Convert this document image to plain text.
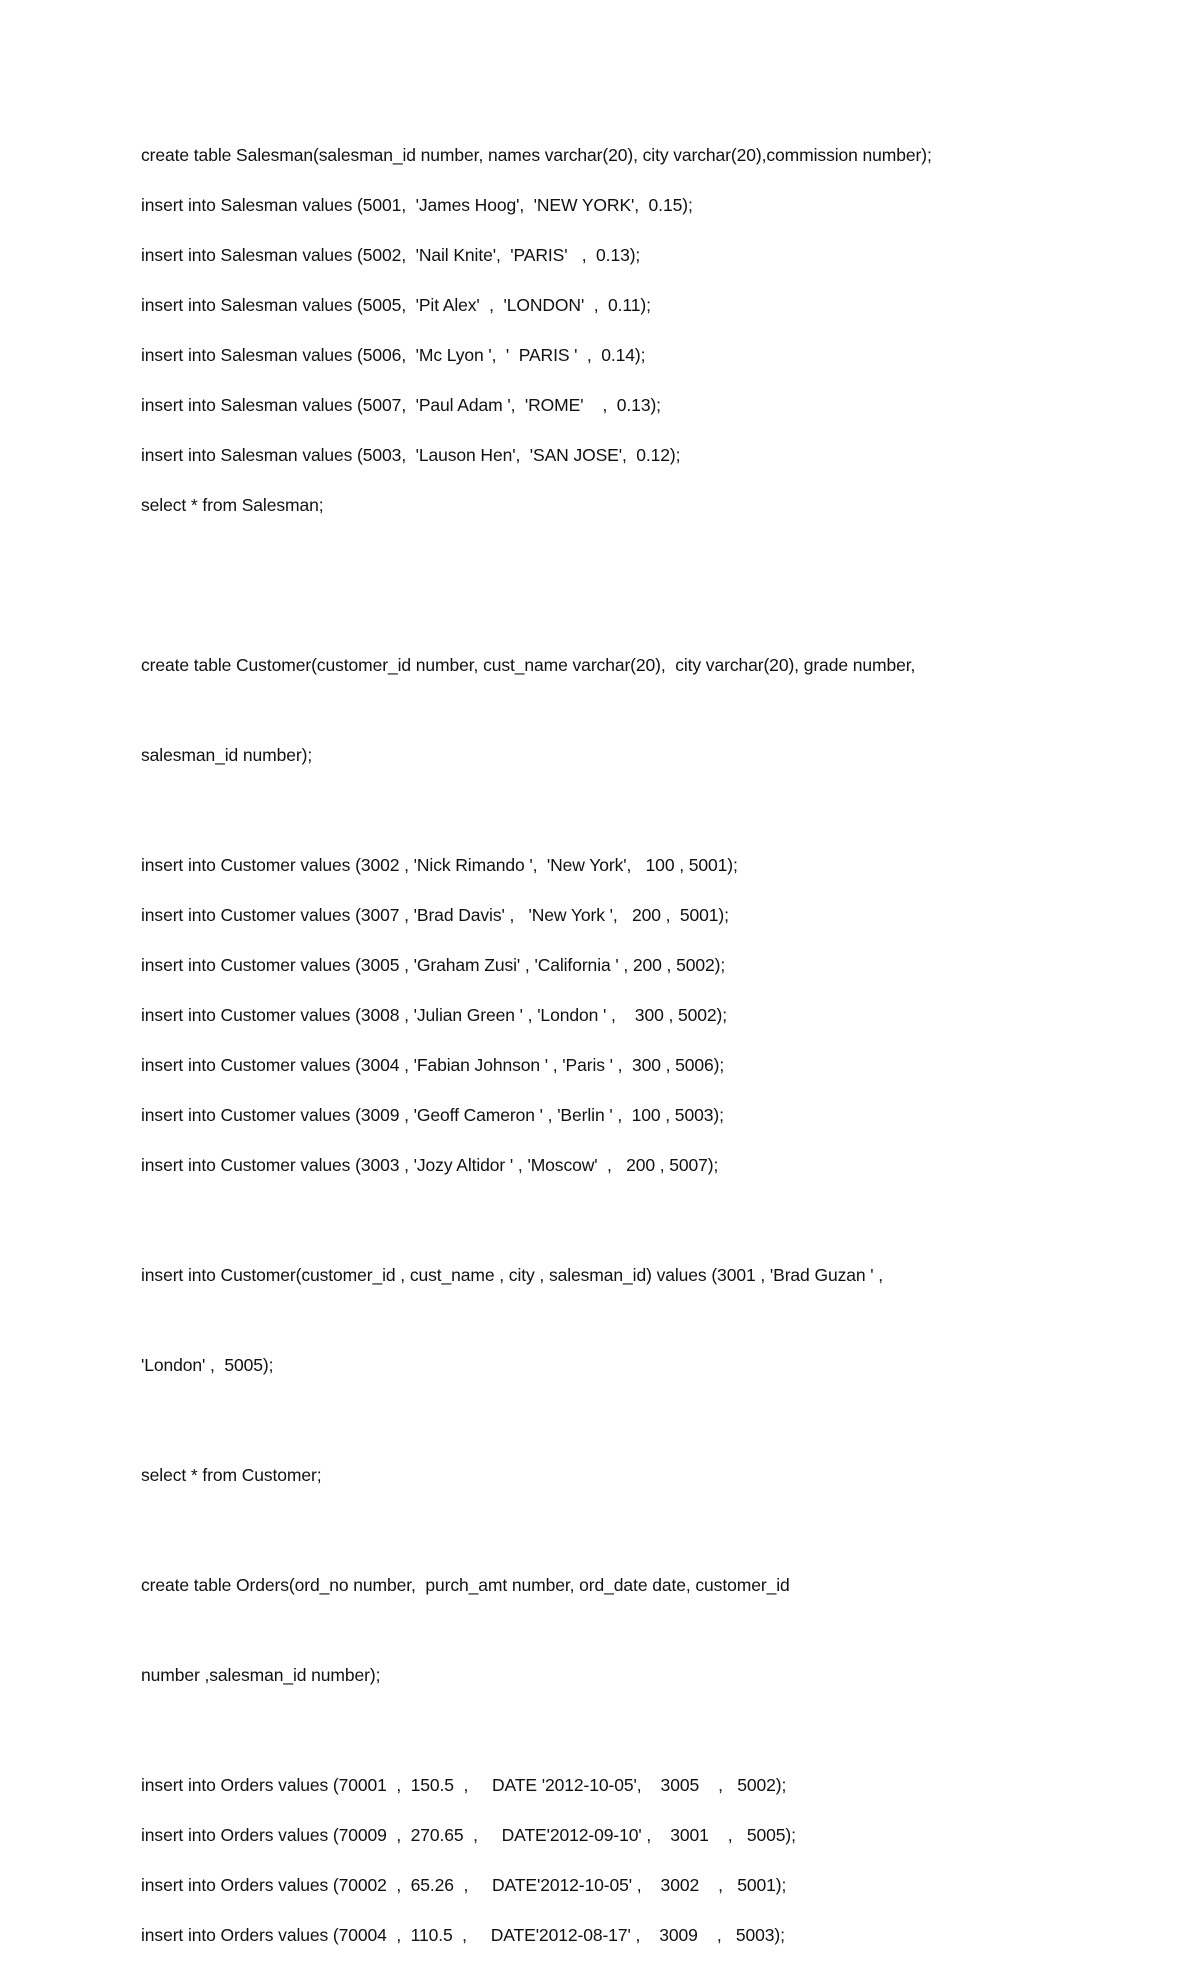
create table Salesman(salesman_id number, names varchar(20), city varchar(20),commission number);
insert into Salesman values (5001,  'James Hoog',  'NEW YORK',  0.15);
insert into Salesman values (5002,  'Nail Knite',  'PARIS'   ,  0.13);
insert into Salesman values (5005,  'Pit Alex'  ,  'LONDON'  ,  0.11);
insert into Salesman values (5006,  'Mc Lyon ',  '  PARIS '  ,  0.14);
insert into Salesman values (5007,  'Paul Adam ',  'ROME'    ,  0.13);
insert into Salesman values (5003,  'Lauson Hen',  'SAN JOSE',  0.12);
select * from Salesman;

create table Customer(customer_id number, cust_name varchar(20),  city varchar(20), grade number,

salesman_id number);

insert into Customer values (3002 , 'Nick Rimando ',  'New York',   100 , 5001);
insert into Customer values (3007 , 'Brad Davis' ,   'New York ',   200 ,  5001);
insert into Customer values (3005 , 'Graham Zusi' , 'California ' , 200 , 5002);
insert into Customer values (3008 , 'Julian Green ' , 'London ' ,    300 , 5002);
insert into Customer values (3004 , 'Fabian Johnson ' , 'Paris ' ,  300 , 5006);
insert into Customer values (3009 , 'Geoff Cameron ' , 'Berlin ' ,  100 , 5003);
insert into Customer values (3003 , 'Jozy Altidor ' , 'Moscow'  ,   200 , 5007);

insert into Customer(customer_id , cust_name , city , salesman_id) values (3001 , 'Brad Guzan ' ,

'London' ,  5005);

select * from Customer;

create table Orders(ord_no number,  purch_amt number, ord_date date, customer_id

number ,salesman_id number);

insert into Orders values (70001  ,  150.5  ,     DATE '2012-10-05',    3005    ,   5002);
insert into Orders values (70009  ,  270.65  ,     DATE'2012-09-10' ,    3001    ,   5005);
insert into Orders values (70002  ,  65.26  ,     DATE'2012-10-05' ,    3002    ,   5001);
insert into Orders values (70004  ,  110.5  ,     DATE'2012-08-17' ,    3009    ,   5003);
